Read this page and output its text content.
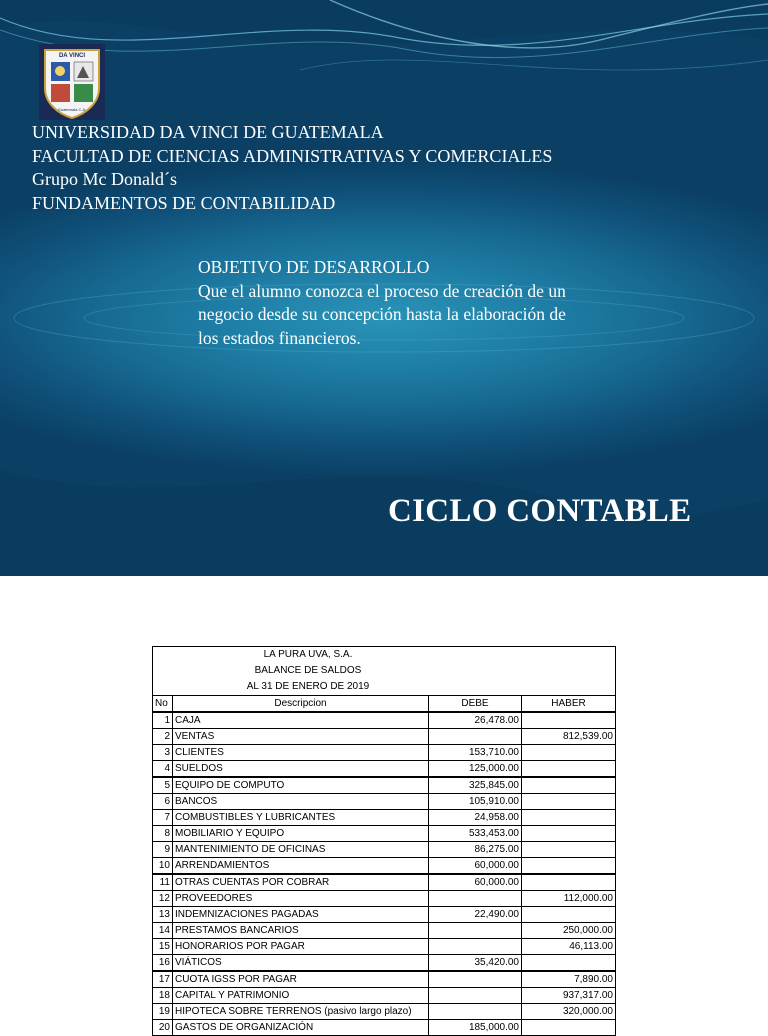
DA VINCI
Guatemala C.A.
UNIVERSIDAD DA VINCI DE GUATEMALA
FACULTAD DE CIENCIAS ADMINISTRATIVAS Y COMERCIALES
Grupo Mc Donald´s
FUNDAMENTOS DE CONTABILIDAD
OBJETIVO DE DESARROLLO
Que el alumno conozca el proceso de creación de un negocio desde su concepción hasta la elaboración de los estados financieros.
CICLO CONTABLE
LA PURA UVA, S.A.
BALANCE DE SALDOS
AL 31 DE ENERO DE 2019			

No	Descripcion	DEBE	HABER
1	CAJA	26,478.00	
2	VENTAS		812,539.00
3	CLIENTES	153,710.00	
4	SUELDOS	125,000.00	
5	EQUIPO DE COMPUTO	325,845.00	
6	BANCOS	105,910.00	
7	COMBUSTIBLES Y LUBRICANTES	24,958.00	
8	MOBILIARIO Y EQUIPO	533,453.00	
9	MANTENIMIENTO DE OFICINAS	86,275.00	
10	ARRENDAMIENTOS	60,000.00	
11	OTRAS CUENTAS POR COBRAR	60,000.00	
12	PROVEEDORES		112,000.00
13	INDEMNIZACIONES PAGADAS	22,490.00	
14	PRESTAMOS BANCARIOS		250,000.00
15	HONORARIOS POR PAGAR		46,113.00
16	VIÁTICOS	35,420.00	
17	CUOTA IGSS POR PAGAR		7,890.00
18	CAPITAL Y PATRIMONIO		937,317.00
19	HIPOTECA SOBRE TERRENOS (pasivo largo plazo)		320,000.00
20	GASTOS DE ORGANIZACIÓN	185,000.00	
